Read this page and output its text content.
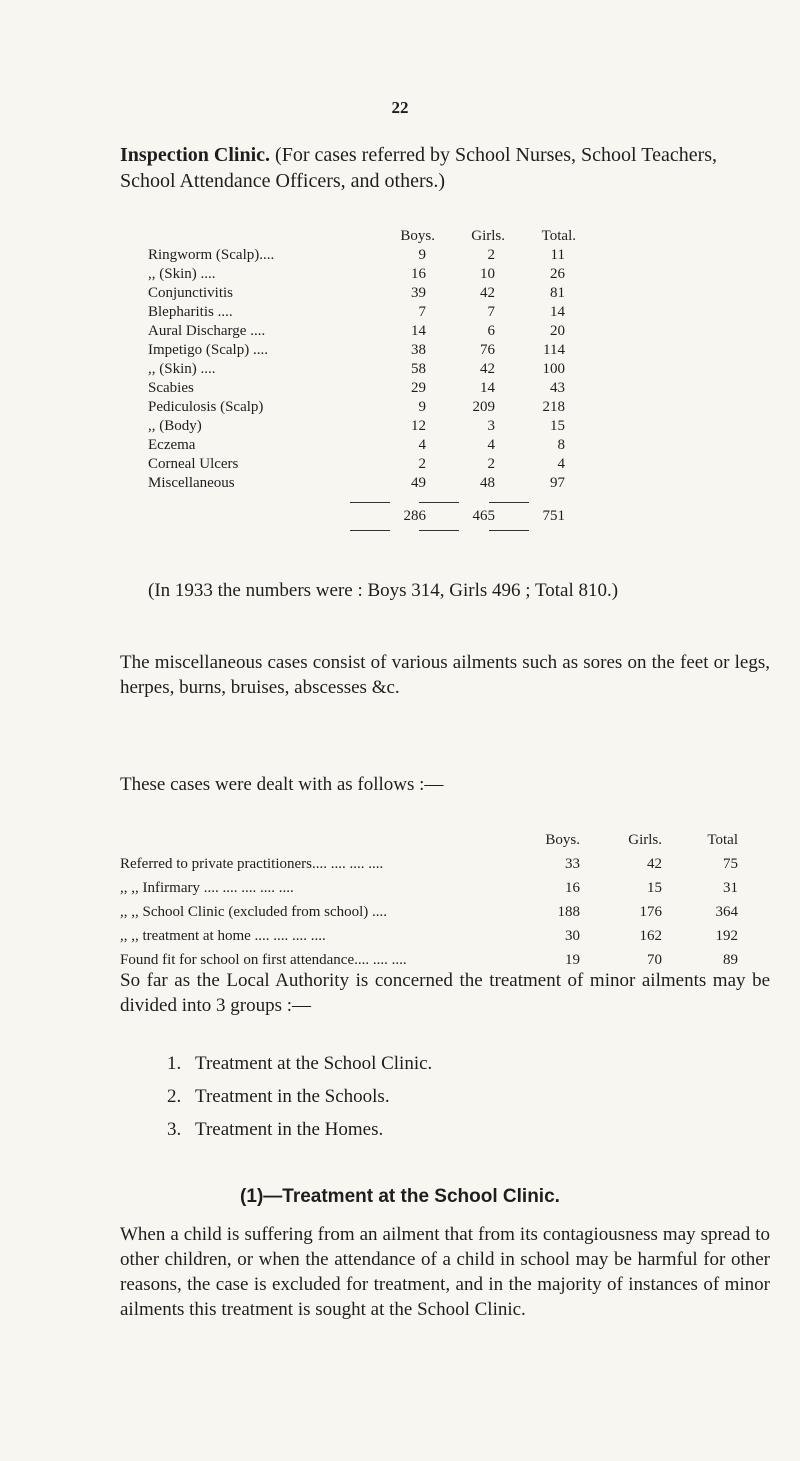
22
Inspection Clinic. (For cases referred by School Nurses, School Teachers, School Attendance Officers, and others.)
Boys. Girls. Total.
Ringworm (Scalp)....	9	2	11
,, (Skin) ....	16	10	26
Conjunctivitis	39	42	81
Blepharitis ....	7	7	14
Aural Discharge ....	14	6	20
Impetigo (Scalp) ....	38	76	114
,, (Skin) ....	58	42	100
Scabies	29	14	43
Pediculosis (Scalp)	9	209	218
,, (Body)	12	3	15
Eczema	4	4	8
Corneal Ulcers	2	2	4
Miscellaneous	49	48	97
286	465	751
(In 1933 the numbers were : Boys 314, Girls 496 ; Total 810.)
The miscellaneous cases consist of various ailments such as sores on the feet or legs, herpes, burns, bruises, abscesses &c.
These cases were dealt with as follows :—
Boys.	Girls.	Total
Referred to private practitioners.... .... .... ....	33	42	75
,, ,, Infirmary .... .... .... .... ....	16	15	31
,, ,, School Clinic (excluded from school) ....	188	176	364
,, ,, treatment at home .... .... .... ....	30	162	192
Found fit for school on first attendance.... .... ....	19	70	89
So far as the Local Authority is concerned the treatment of minor ailments may be divided into 3 groups :—
1. Treatment at the School Clinic.
2. Treatment in the Schools.
3. Treatment in the Homes.
(1)—Treatment at the School Clinic.
When a child is suffering from an ailment that from its contagiousness may spread to other children, or when the attendance of a child in school may be harmful for other reasons, the case is excluded for treatment, and in the majority of instances of minor ailments this treatment is sought at the School Clinic.
